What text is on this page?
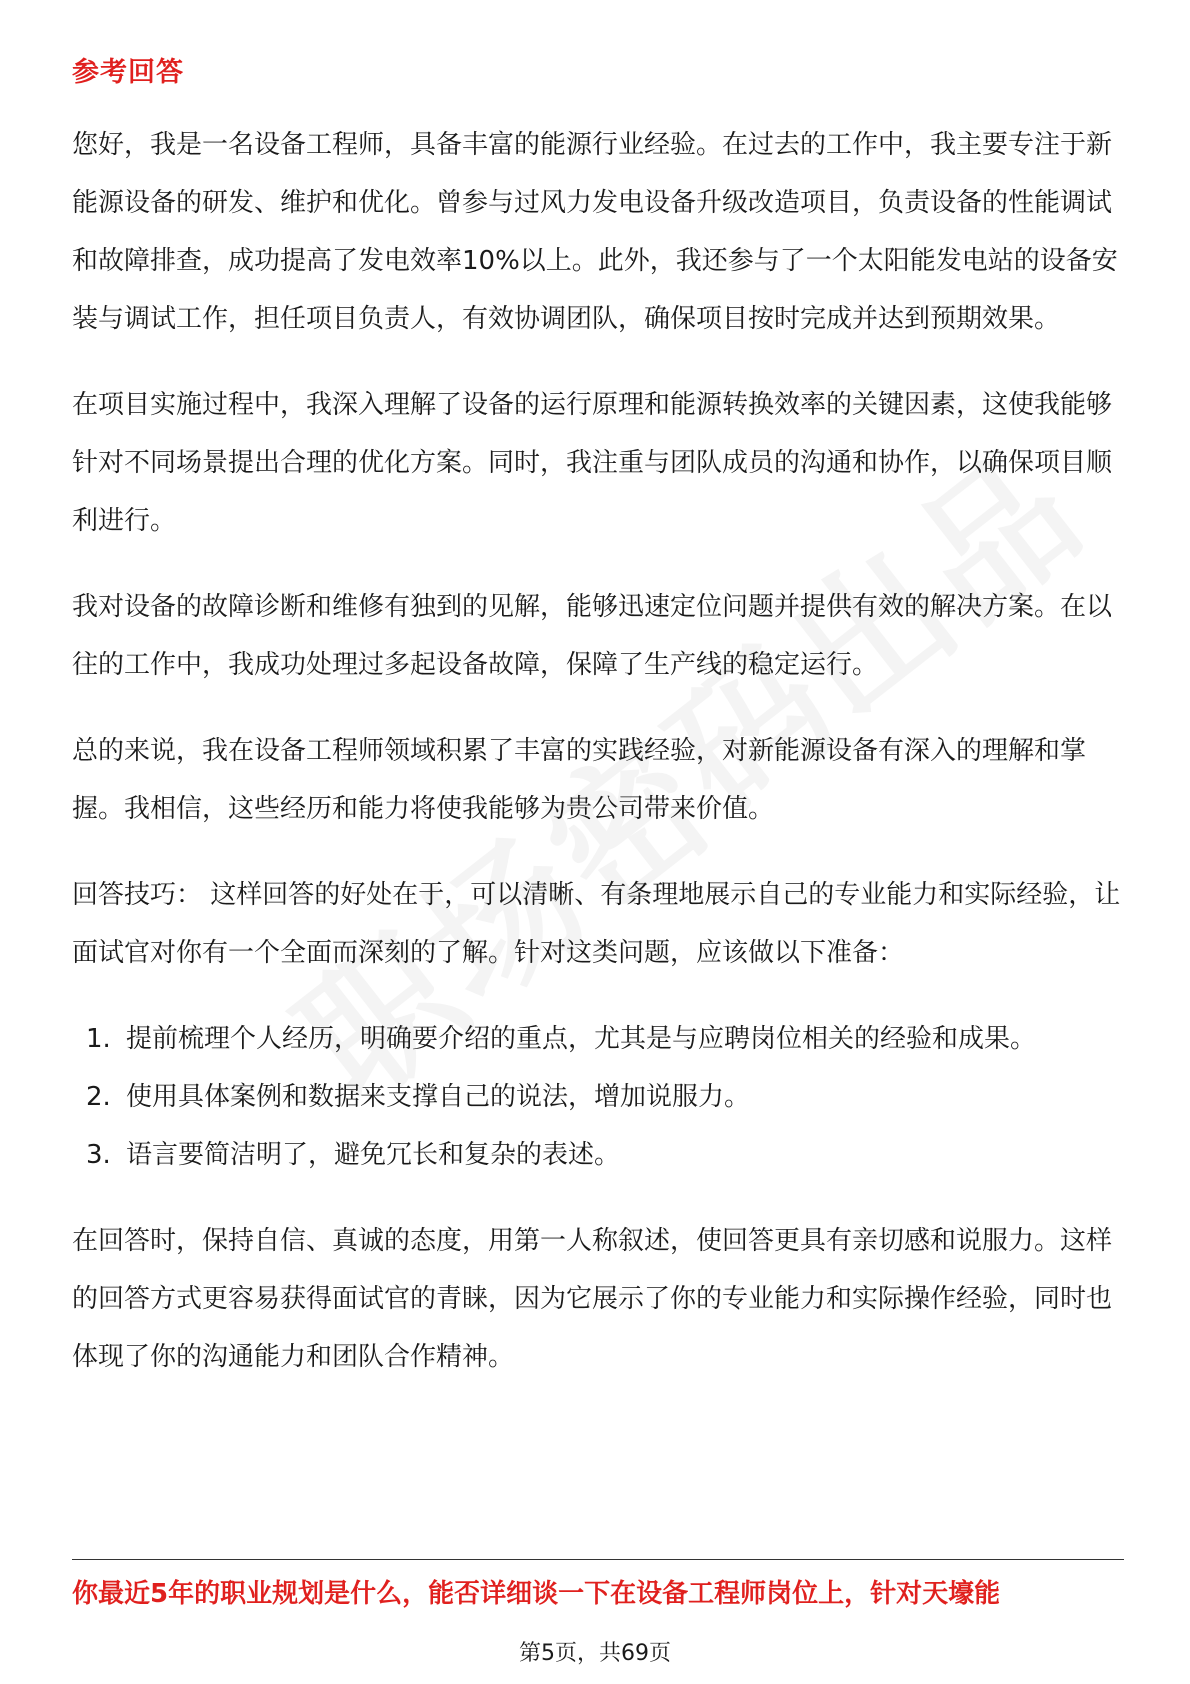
参考回答

您好，我是一名设备工程师，具备丰富的能源行业经验。在过去的工作中，我主要专注于新能源设备的研发、维护和优化。曾参与过风力发电设备升级改造项目，负责设备的性能调试和故障排查，成功提高了发电效率10%以上。此外，我还参与了一个太阳能发电站的设备安装与调试工作，担任项目负责人，有效协调团队，确保项目按时完成并达到预期效果。

在项目实施过程中，我深入理解了设备的运行原理和能源转换效率的关键因素，这使我能够针对不同场景提出合理的优化方案。同时，我注重与团队成员的沟通和协作，以确保项目顺利进行。

我对设备的故障诊断和维修有独到的见解，能够迅速定位问题并提供有效的解决方案。在以往的工作中，我成功处理过多起设备故障，保障了生产线的稳定运行。

总的来说，我在设备工程师领域积累了丰富的实践经验，对新能源设备有深入的理解和掌握。我相信，这些经历和能力将使我能够为贵公司带来价值。

回答技巧： 这样回答的好处在于，可以清晰、有条理地展示自己的专业能力和实际经验，让面试官对你有一个全面而深刻的了解。针对这类问题，应该做以下准备：

1. 提前梳理个人经历，明确要介绍的重点，尤其是与应聘岗位相关的经验和成果。
2. 使用具体案例和数据来支撑自己的说法，增加说服力。
3. 语言要简洁明了，避免冗长和复杂的表述。

在回答时，保持自信、真诚的态度，用第一人称叙述，使回答更具有亲切感和说服力。这样的回答方式更容易获得面试官的青睐，因为它展示了你的专业能力和实际操作经验，同时也体现了你的沟通能力和团队合作精神。

你最近5年的职业规划是什么，能否详细谈一下在设备工程师岗位上，针对天壕能
第5页，共69页
